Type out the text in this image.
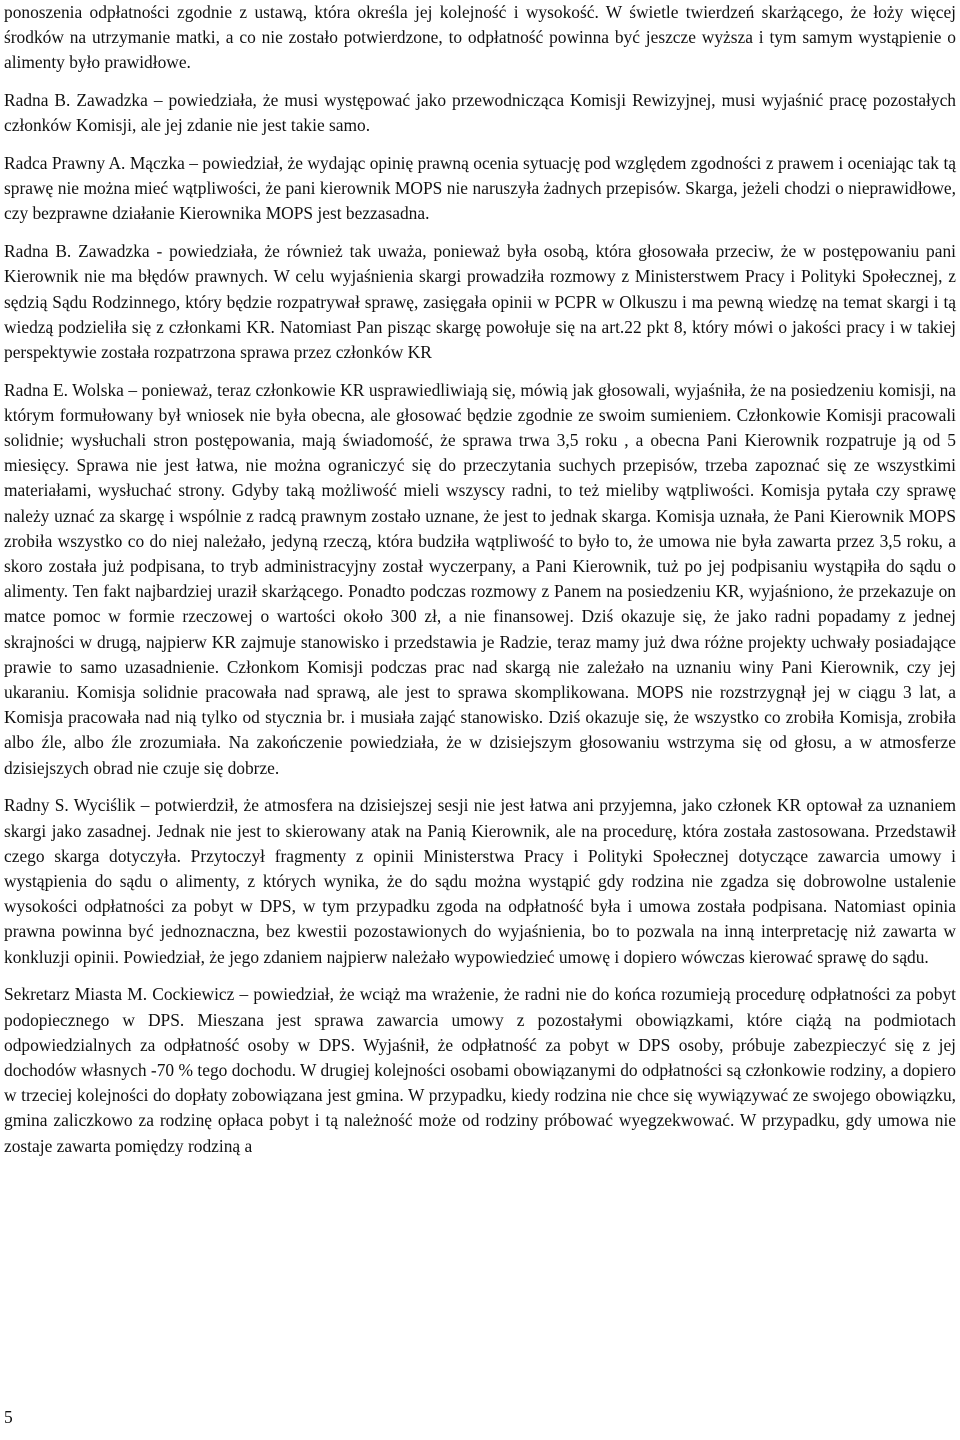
ponoszenia odpłatności zgodnie z ustawą, która określa jej kolejność i wysokość. W świetle twierdzeń skarżącego, że łoży więcej środków na utrzymanie matki, a co nie zostało potwierdzone, to odpłatność powinna być jeszcze wyższa i tym samym wystąpienie o alimenty było prawidłowe.

Radna B. Zawadzka – powiedziała, że musi występować jako przewodnicząca Komisji Rewizyjnej, musi wyjaśnić pracę pozostałych członków Komisji, ale jej zdanie nie jest takie samo.

Radca Prawny A. Mączka – powiedział, że wydając opinię prawną ocenia sytuację pod względem zgodności z prawem i oceniając tak tą sprawę nie można mieć wątpliwości, że pani kierownik MOPS nie naruszyła żadnych przepisów. Skarga, jeżeli chodzi o nieprawidłowe, czy bezprawne działanie Kierownika MOPS jest bezzasadna.

Radna B. Zawadzka - powiedziała, że również tak uważa, ponieważ była osobą, która głosowała przeciw, że w postępowaniu pani Kierownik nie ma błędów prawnych. W celu wyjaśnienia skargi prowadziła rozmowy z Ministerstwem Pracy i Polityki Społecznej, z sędzią Sądu Rodzinnego, który będzie rozpatrywał sprawę, zasięgała opinii w PCPR w Olkuszu i ma pewną wiedzę na temat skargi i tą wiedzą podzieliła się z członkami KR. Natomiast Pan pisząc skargę powołuje się na art.22 pkt 8, który mówi o jakości pracy i w takiej perspektywie została rozpatrzona sprawa przez członków KR

Radna E. Wolska – ponieważ, teraz członkowie KR usprawiedliwiają się, mówią jak głosowali, wyjaśniła, że na posiedzeniu komisji, na którym formułowany był wniosek nie była obecna, ale głosować będzie zgodnie ze swoim sumieniem. Członkowie Komisji pracowali solidnie; wysłuchali stron postępowania, mają świadomość, że sprawa trwa 3,5 roku , a obecna Pani Kierownik rozpatruje ją od 5 miesięcy. Sprawa nie jest łatwa, nie można ograniczyć się do przeczytania suchych przepisów, trzeba zapoznać się ze wszystkimi materiałami, wysłuchać strony. Gdyby taką możliwość mieli wszyscy radni, to też mieliby wątpliwości. Komisja pytała czy sprawę należy uznać za skargę i wspólnie z radcą prawnym zostało uznane, że jest to jednak skarga. Komisja uznała, że Pani Kierownik MOPS zrobiła wszystko co do niej należało, jedyną rzeczą, która budziła wątpliwość to było to, że umowa nie była zawarta przez 3,5 roku, a skoro została już podpisana, to tryb administracyjny został wyczerpany, a Pani Kierownik, tuż po jej podpisaniu wystąpiła do sądu o alimenty. Ten fakt najbardziej uraził skarżącego. Ponadto podczas rozmowy z Panem na posiedzeniu KR, wyjaśniono, że przekazuje on matce pomoc w formie rzeczowej o wartości około 300 zł, a nie finansowej. Dziś okazuje się, że jako radni popadamy z jednej skrajności w drugą, najpierw KR zajmuje stanowisko i przedstawia je Radzie, teraz mamy już dwa różne projekty uchwały posiadające prawie to samo uzasadnienie. Członkom Komisji podczas prac nad skargą nie zależało na uznaniu winy Pani Kierownik, czy jej ukaraniu. Komisja solidnie pracowała nad sprawą, ale jest to sprawa skomplikowana. MOPS nie rozstrzygnął jej w ciągu 3 lat, a Komisja pracowała nad nią tylko od stycznia br. i musiała zająć stanowisko. Dziś okazuje się, że wszystko co zrobiła Komisja, zrobiła albo źle, albo źle zrozumiała. Na zakończenie powiedziała, że w dzisiejszym głosowaniu wstrzyma się od głosu, a w atmosferze dzisiejszych obrad nie czuje się dobrze.

Radny S. Wyciślik – potwierdził, że atmosfera na dzisiejszej sesji nie jest łatwa ani przyjemna, jako członek KR optował za uznaniem skargi jako zasadnej. Jednak nie jest to skierowany atak na Panią Kierownik, ale na procedurę, która została zastosowana. Przedstawił czego skarga dotyczyła. Przytoczył fragmenty z opinii Ministerstwa Pracy i Polityki Społecznej dotyczące zawarcia umowy i wystąpienia do sądu o alimenty, z których wynika, że do sądu można wystąpić gdy rodzina nie zgadza się dobrowolne ustalenie wysokości odpłatności za pobyt w DPS, w tym przypadku zgoda na odpłatność była i umowa została podpisana. Natomiast opinia prawna powinna być jednoznaczna, bez kwestii pozostawionych do wyjaśnienia, bo to pozwala na inną interpretację niż zawarta w konkluzji opinii. Powiedział, że jego zdaniem najpierw należało wypowiedzieć umowę i dopiero wówczas kierować sprawę do sądu.

Sekretarz Miasta M. Cockiewicz – powiedział, że wciąż ma wrażenie, że radni nie do końca rozumieją procedurę odpłatności za pobyt podopiecznego w DPS. Mieszana jest sprawa zawarcia umowy z pozostałymi obowiązkami, które ciążą na podmiotach odpowiedzialnych za odpłatność osoby w DPS. Wyjaśnił, że odpłatność za pobyt w DPS osoby, próbuje zabezpieczyć się z jej dochodów własnych -70 % tego dochodu. W drugiej kolejności osobami obowiązanymi do odpłatności są członkowie rodziny, a dopiero w trzeciej kolejności do dopłaty zobowiązana jest gmina. W przypadku, kiedy rodzina nie chce się wywiązywać ze swojego obowiązku, gmina zaliczkowo za rodzinę opłaca pobyt i tą należność może od rodziny próbować wyegzekwować. W przypadku, gdy umowa nie zostaje zawarta pomiędzy rodziną a

5
